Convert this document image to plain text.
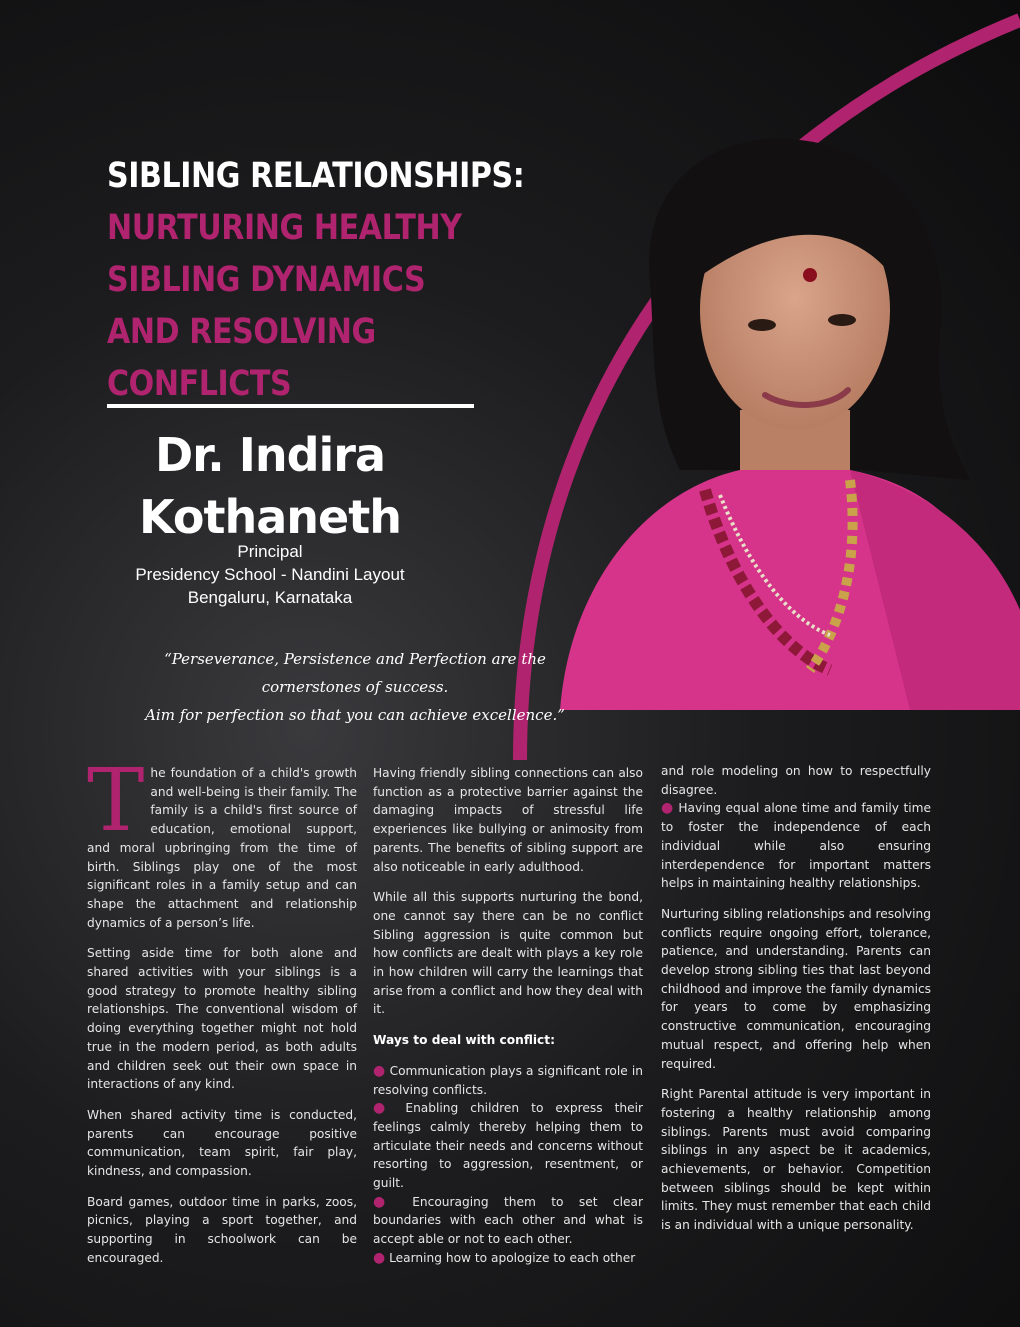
SIBLING RELATIONSHIPS:
NURTURING HEALTHY
SIBLING DYNAMICS
AND RESOLVING
CONFLICTS
Dr. Indira
Kothaneth
Principal
Presidency School - Nandini Layout
Bengaluru, Karnataka
“Perseverance, Persistence and Perfection are the
cornerstones of success.
Aim for perfection so that you can achieve excellence.”

The foundation of a child's growth and well-being is their family. The family is a child's first source of education, emotional support, and moral upbringing from the time of birth. Siblings play one of the most significant roles in a family setup and can shape the attachment and relationship dynamics of a person’s life.

Setting aside time for both alone and shared activities with your siblings is a good strategy to promote healthy sibling relationships. The conventional wisdom of doing everything together might not hold true in the modern period, as both adults and children seek out their own space in interactions of any kind.

When shared activity time is conducted, parents can encourage positive communication, team spirit, fair play, kindness, and compassion.

Board games, outdoor time in parks, zoos, picnics, playing a sport together, and supporting in schoolwork can be encouraged.

Having friendly sibling connections can also function as a protective barrier against the damaging impacts of stressful life experiences like bullying or animosity from parents. The benefits of sibling support are also noticeable in early adulthood.

While all this supports nurturing the bond, one cannot say there can be no conflict Sibling aggression is quite common but how conflicts are dealt with plays a key role in how children will carry the learnings that arise from a conflict and how they deal with it.

Ways to deal with conflict:

● Communication plays a significant role in resolving conflicts.

● Enabling children to express their feelings calmly thereby helping them to articulate their needs and concerns without resorting to aggression, resentment, or guilt.

● Encouraging them to set clear boundaries with each other and what is accept able or not to each other.

● Learning how to apologize to each other

and role modeling on how to respectfully disagree.

● Having equal alone time and family time to foster the independence of each individual while also ensuring interdependence for important matters helps in maintaining healthy relationships.

Nurturing sibling relationships and resolving conflicts require ongoing effort, tolerance, patience, and understanding. Parents can develop strong sibling ties that last beyond childhood and improve the family dynamics for years to come by emphasizing constructive communication, encouraging mutual respect, and offering help when required.

Right Parental attitude is very important in fostering a healthy relationship among siblings. Parents must avoid comparing siblings in any aspect be it academics, achievements, or behavior. Competition between siblings should be kept within limits. They must remember that each child is an individual with a unique personality.
